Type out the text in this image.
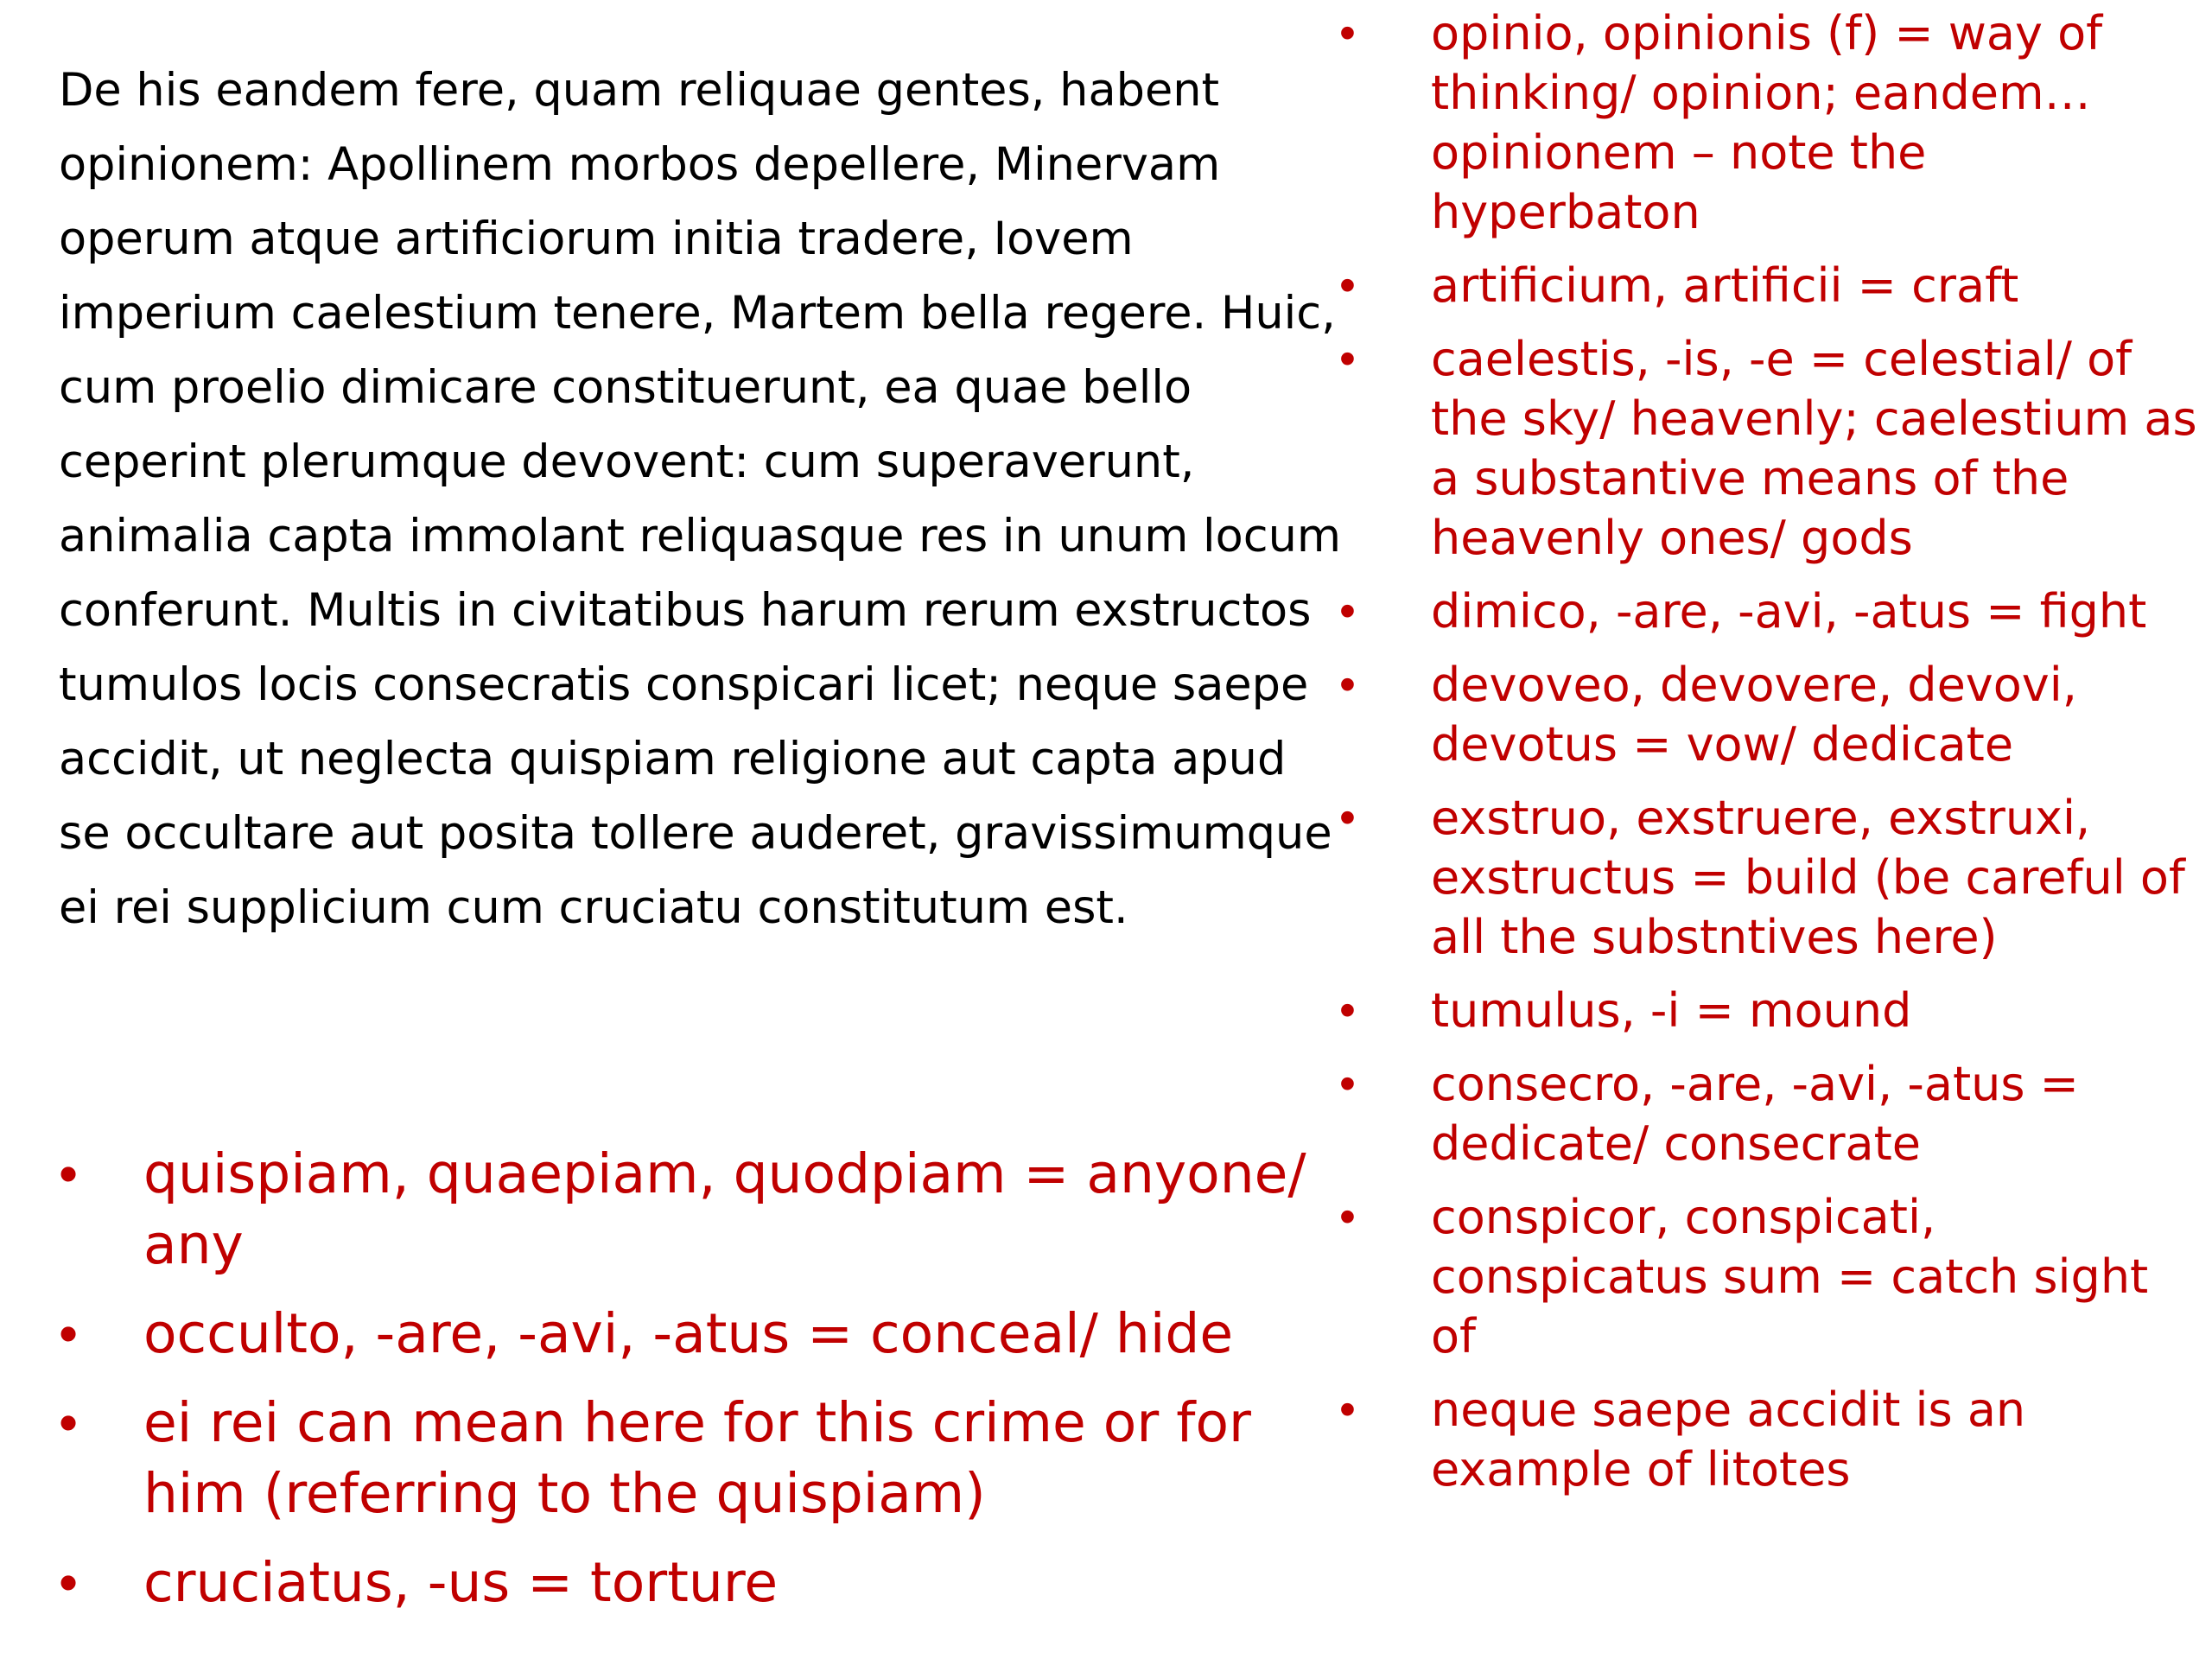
De his eandem fere, quam reliquae gentes, habent opinionem: Apollinem morbos depellere, Minervam operum atque artificiorum initia tradere, Iovem imperium caelestium tenere, Martem bella regere. Huic, cum proelio dimicare constituerunt, ea quae bello ceperint plerumque devovent: cum superaverunt, animalia capta immolant reliquasque res in unum locum conferunt. Multis in civitatibus harum rerum exstructos tumulos locis consecratis conspicari licet; neque saepe accidit, ut neglecta quispiam religione aut capta apud se occultare aut posita tollere auderet, gravissimumque ei rei supplicium cum cruciatu constitutum est.

• quispiam, quaepiam, quodpiam = anyone/ any
• occulto, -are, -avi, -atus = conceal/ hide
• ei rei can mean here for this crime or for him (referring to the quispiam)
• cruciatus, -us = torture
• opinio, opinionis (f) = way of thinking/ opinion; eandem… opinionem – note the hyperbaton
• artificium, artificii = craft
• caelestis, -is, -e = celestial/ of the sky/ heavenly; caelestium as a substantive means of the heavenly ones/ gods
• dimico, -are, -avi, -atus = fight
• devoveo, devovere, devovi, devotus = vow/ dedicate
• exstruo, exstruere, exstruxi, exstructus = build (be careful of all the substntives here)
• tumulus, -i = mound
• consecro, -are, -avi, -atus = dedicate/ consecrate
• conspicor, conspicati, conspicatus sum = catch sight of
• neque saepe accidit is an example of litotes
